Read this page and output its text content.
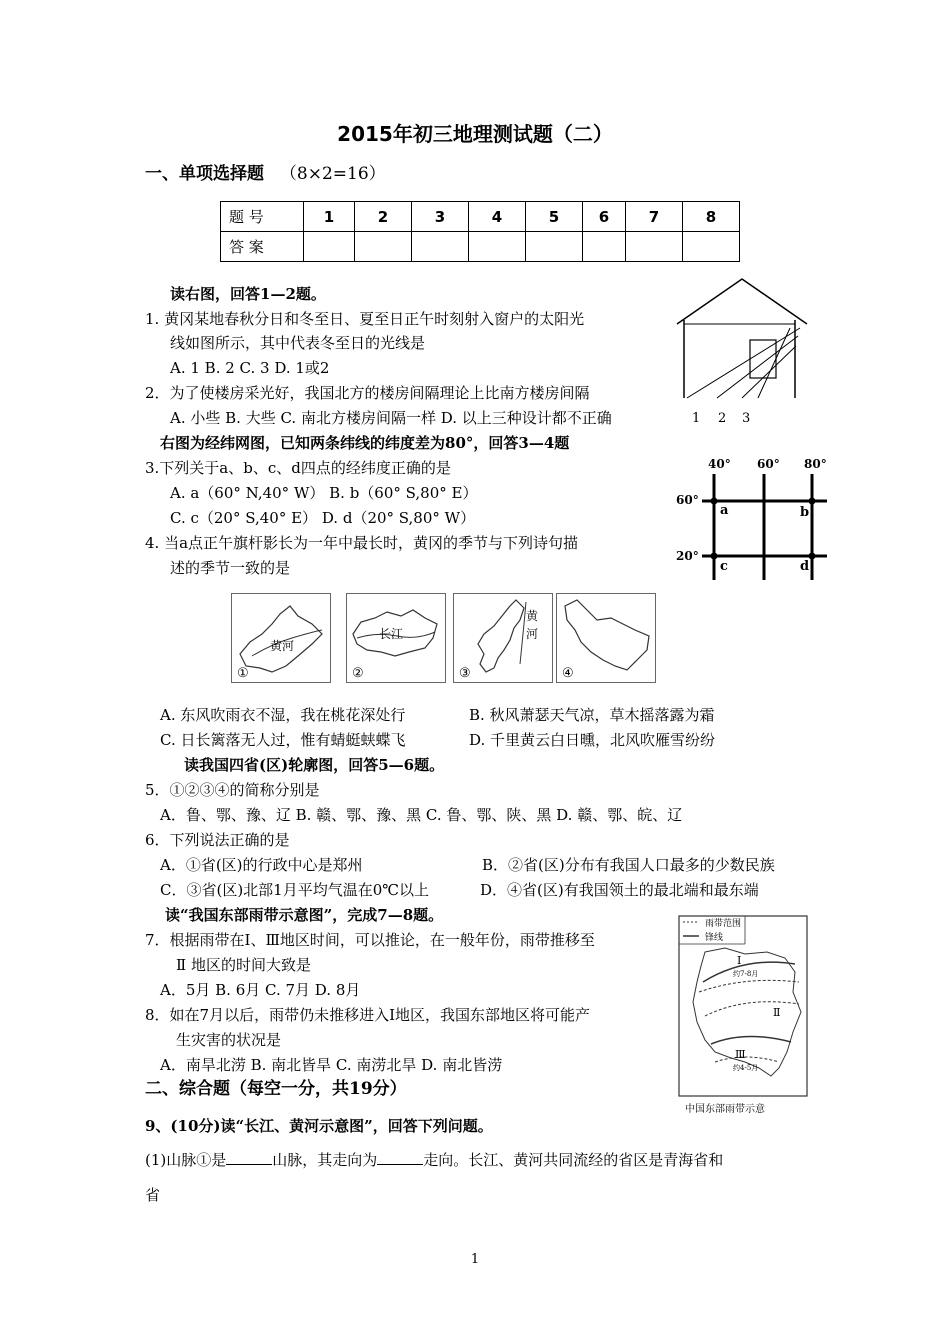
2015年初三地理测试题（二）
一、单项选择题 （8×2=16）
题 号	1	2	3	4	5	6	7	8
答 案								
读右图，回答1—2题。
1. 黄冈某地春秋分日和冬至日、夏至日正午时刻射入窗户的太阳光
线如图所示，其中代表冬至日的光线是
A. 1 B. 2 C. 3 D. 1或2
2．为了使楼房采光好，我国北方的楼房间隔理论上比南方楼房间隔
A. 小些 B. 大些 C. 南北方楼房间隔一样 D. 以上三种设计都不正确
右图为经纬网图，已知两条纬线的纬度差为80°，回答3—4题
1 2 3
3.下列关于a、b、c、d四点的经纬度正确的是
A. a（60° N,40° W） B. b（60° S,80° E）
C. c（20° S,40° E） D. d（20° S,80° W）
4. 当a点正午旗杆影长为一年中最长时，黄冈的季节与下列诗句描
述的季节一致的是
40° 60° 80°
60°
20°
a	b
c	d
①
黄河
②
长江
③
黄
河
④
A. 东风吹雨衣不湿，我在桃花深处行	B. 秋风萧瑟天气凉，草木摇落露为霜
C. 日长篱落无人过，惟有蜻蜓蛱蝶飞	D. 千里黄云白日曛，北风吹雁雪纷纷
读我国四省(区)轮廓图，回答5—6题。
5．①②③④的简称分别是
A．鲁、鄂、豫、辽 B. 赣、鄂、豫、黑 C. 鲁、鄂、陕、黑 D. 赣、鄂、皖、辽
6．下列说法正确的是
A．①省(区)的行政中心是郑州	B．②省(区)分布有我国人口最多的少数民族
C．③省(区)北部1月平均气温在0℃以上	D．④省(区)有我国领土的最北端和最东端
读“我国东部雨带示意图”，完成7—8题。
7．根据雨带在Ⅰ、Ⅲ地区时间，可以推论，在一般年份，雨带推移至
Ⅱ 地区的时间大致是
A．5月 B. 6月 C. 7月 D. 8月
8．如在7月以后，雨带仍未推移进入Ⅰ地区，我国东部地区将可能产
生灾害的状况是
A．南旱北涝 B. 南北皆旱 C. 南涝北旱 D. 南北皆涝
雨带范围
锋线
Ⅰ
约7-8月
Ⅱ
Ⅲ
约4-5月
中国东部雨带示意
二、综合题（每空一分，共19分）
9、(10分)读“长江、黄河示意图”，回答下列问题。
(1)山脉①是	山脉，其走向为	走向。长江、黄河共同流经的省区是青海省和
省
1
